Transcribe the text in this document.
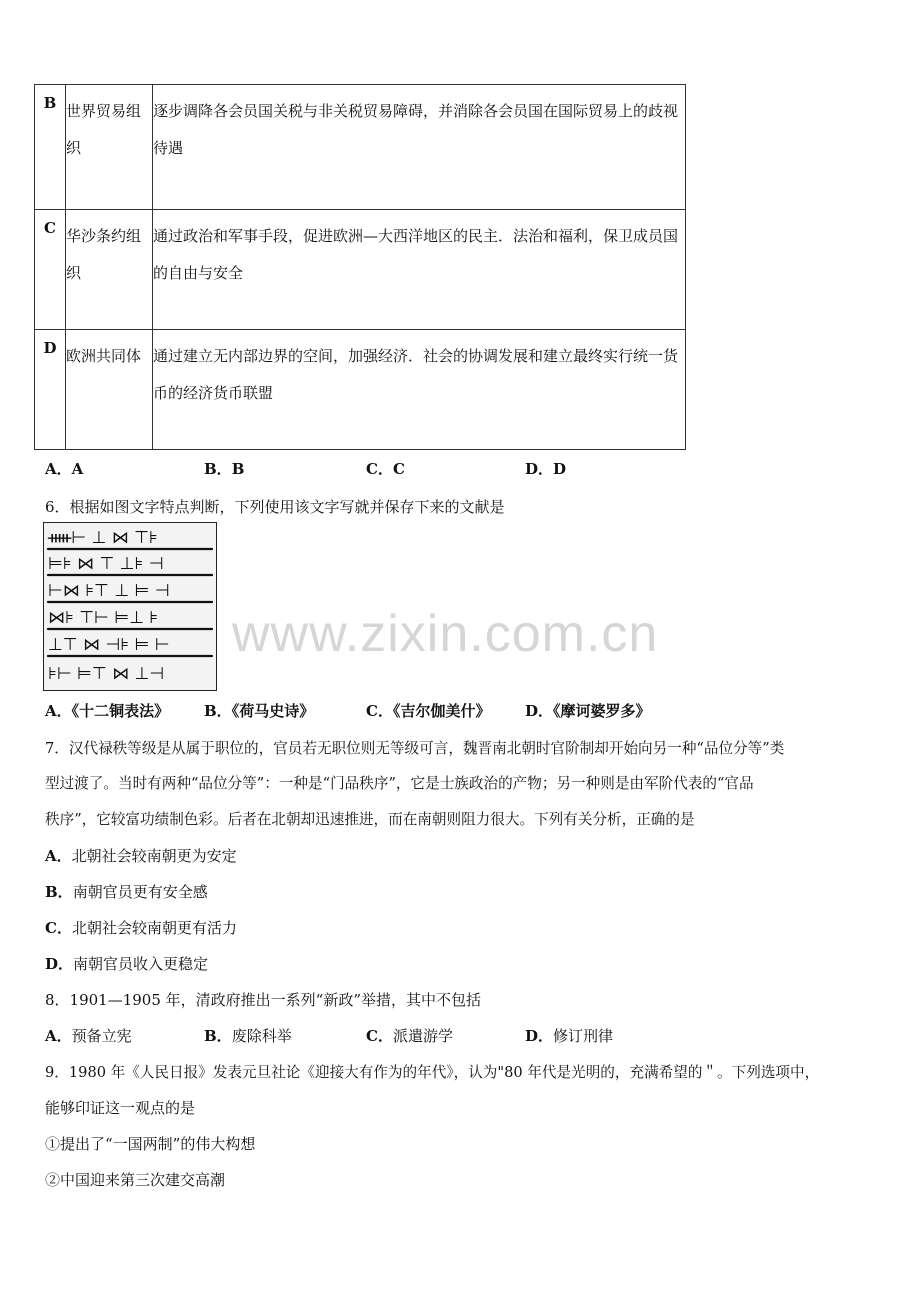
B	世界贸易组织	逐步调降各会员国关税与非关税贸易障碍，并消除各会员国在国际贸易上的歧视待遇

C	华沙条约组织	通过政治和军事手段，促进欧洲—大西洋地区的民主．法治和福利，保卫成员国的自由与安全

D	欧洲共同体	通过建立无内部边界的空间，加强经济．社会的协调发展和建立最终实行统一货币的经济货币联盟
A．A	B．B	C．C	D．D
6．根据如图文字特点判断，下列使用该文字写就并保存下来的文献是
ᚔ⊢ ⊥ ⋈ ⊤⊧
⊨⊧ ⋈ ⊤ ⊥⊧ ⊣
⊢⋈ ⊧⊤ ⊥ ⊨ ⊣
⋈⊧ ⊤⊢ ⊨⊥ ⊧
⊥⊤ ⋈ ⊣⊧ ⊨ ⊢
⊧⊢ ⊨⊤ ⋈ ⊥⊣
www.zixin.com.cn
A．《十二铜表法》 B．《荷马史诗》	C．《吉尔伽美什》 D．《摩诃婆罗多》
7．汉代禄秩等级是从属于职位的，官员若无职位则无等级可言，魏晋南北朝时官阶制却开始向另一种“品位分等”类
型过渡了。当时有两种“品位分等”：一种是“门品秩序”，它是士族政治的产物；另一种则是由军阶代表的“官品
秩序”，它较富功绩制色彩。后者在北朝却迅速推进，而在南朝则阻力很大。下列有关分析，正确的是
A．北朝社会较南朝更为安定
B．南朝官员更有安全感
C．北朝社会较南朝更有活力
D．南朝官员收入更稳定
8．1901—1905 年，清政府推出一系列“新政”举措，其中不包括
A．预备立宪	B．废除科举	C．派遣游学	D．修订刑律
9．1980 年《人民日报》发表元旦社论《迎接大有作为的年代》，认为"80 年代是光明的，充满希望的＂。下列选项中，
能够印证这一观点的是
①提出了“一国两制”的伟大构想
②中国迎来第三次建交高潮
